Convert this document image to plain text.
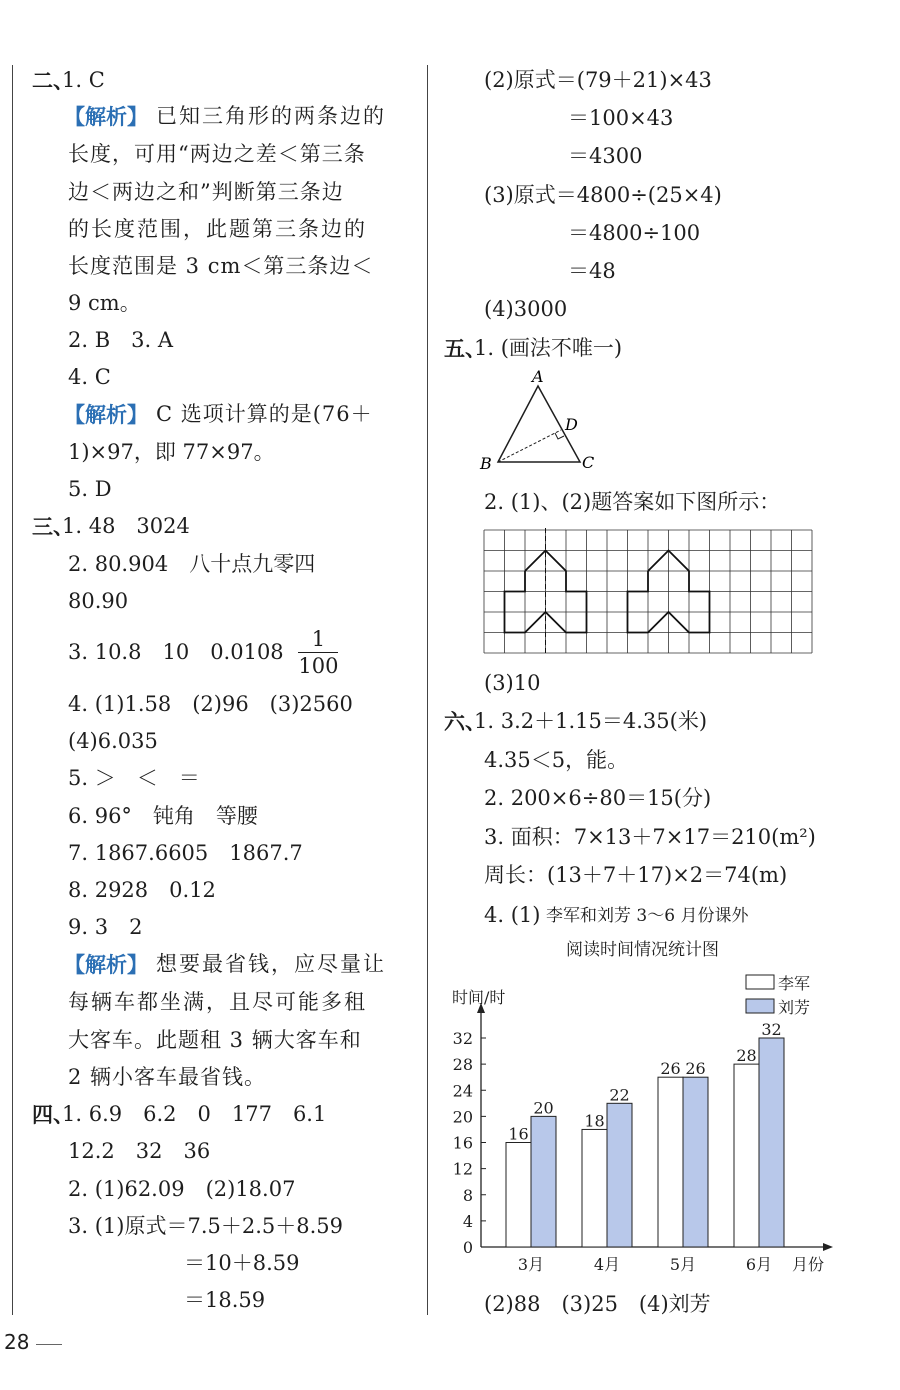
二、
1. C
【解析】 已知三角形的两条边的
长度，可用“两边之差＜第三条
边＜两边之和”判断第三条边
的长度范围，此题第三条边的
长度范围是 3 cm＜第三条边＜
9 cm。
2. B　3. A
4. C
【解析】 C 选项计算的是(76＋
1)×97，即 77×97。
5. D
三、
1. 48　3024
2. 80.904　八十点九零四
80.90
3. 10.8　10　$0.0108 \frac{1}{100}$
4. (1)1.58　(2)96　(3)2560
(4)6.035
5. ＞　＜　＝
6. 96°　钝角　等腰
7. 1867.6605　1867.7
8. 2928　0.12
9. 3　2
【解析】 想要最省钱，应尽量让
每辆车都坐满，且尽可能多租
大客车。此题租 3 辆大客车和
2 辆小客车最省钱。
四、
1. 6.9　6.2　0　177　6.1
12.2　32　36
2. (1)62.09　(2)18.07
3. (1)原式＝7.5＋2.5＋8.59
＝10＋8.59
＝18.59
28
(2)原式＝(79＋21)×43
＝100×43
＝4300
(3)原式＝4800÷(25×4)
＝4800÷100
＝48
(4)3000
五、
1. (画法不唯一)
A
B	C
D
2. (1)、(2)题答案如下图所示：
(3)10
六、
1. 3.2＋1.15＝4.35(米)
4.35＜5，能。
2. 200×6÷80＝15(分)
3. 面积：7×13＋7×17＝210(m²)
周长：(13＋7＋17)×2＝74(m)
4. (1) 李军和刘芳 3～6 月份课外
阅读时间情况统计图
0
4
8
12
16
20
24
28
32
时间/时
月份
16
20
3月
18
22
4月
26 26
5月
28
32
6月
李军
刘芳
(2)88　(3)25　(4)刘芳
